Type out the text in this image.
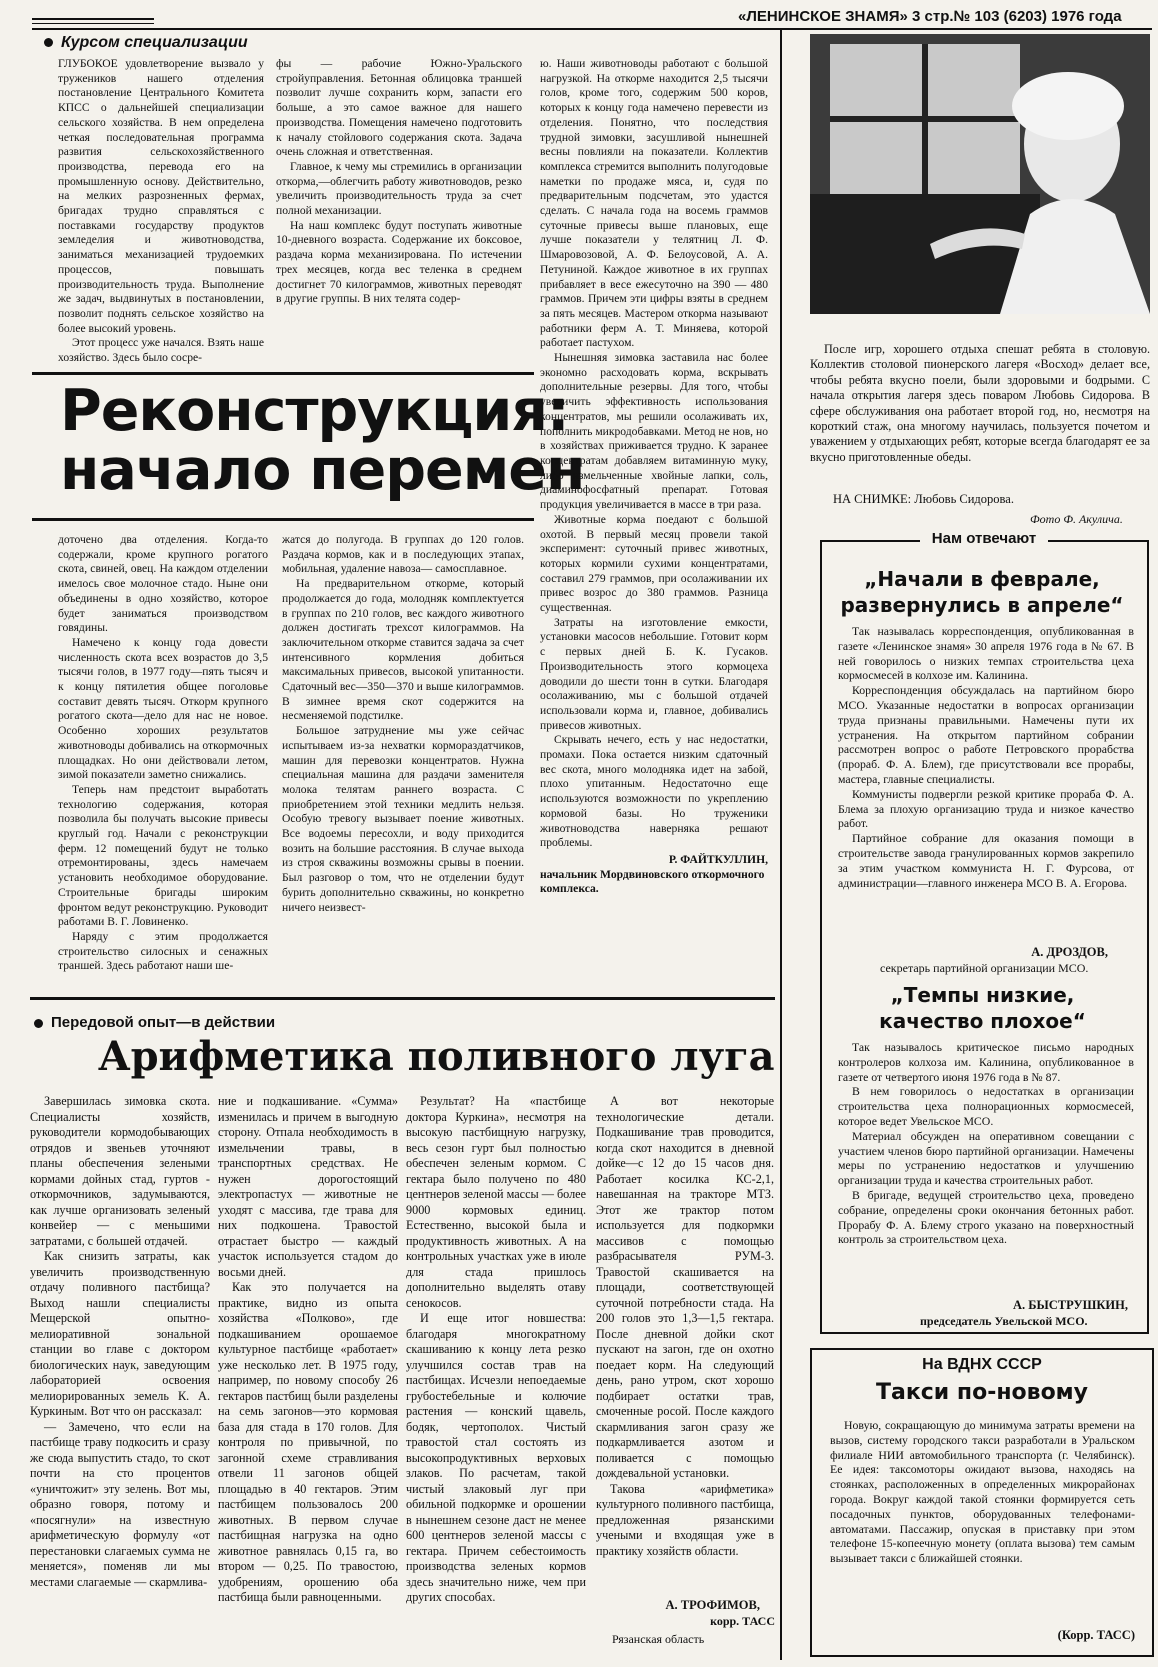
«ЛЕНИНСКОЕ ЗНАМЯ» 3 стр.№ 103 (6203) 1976 года
Курсом специализации

ГЛУБОКОЕ удовлетворение вызвало у тружеников нашего отделения постановление Центрального Комитета КПСС о дальнейшей специализации сельского хозяйства. В нем определена четкая последовательная программа развития сельскохозяйственного производства, перевода его на промышленную основу. Действительно, на мелких разрозненных фермах, бригадах трудно справляться с поставками государству продуктов земледелия и животноводства, заниматься механизацией трудоемких процессов, повышать производительность труда. Выполнение же задач, выдвинутых в постановлении, позволит поднять сельское хозяйство на более высокий уровень.

Этот процесс уже начался. Взять наше хозяйство. Здесь было сосре-

фы — рабочие Южно-Уральского стройуправления. Бетонная облицовка траншей позволит лучше сохранить корм, запасти его больше, а это самое важное для нашего производства. Помещения намечено подготовить к началу стойлового содержания скота. Задача очень сложная и ответственная.

Главное, к чему мы стремились в организации откорма,—облегчить работу животноводов, резко увеличить производительность труда за счет полной механизации.

На наш комплекс будут поступать животные 10-дневного возраста. Содержание их боксовое, раздача корма механизирована. По истечении трех месяцев, когда вес теленка в среднем достигнет 70 килограммов, животных переводят в другие группы. В них телята содер-

Реконструкция:
начало перемен

ю. Наши животноводы работают с большой нагрузкой. На откорме находится 2,5 тысячи голов, кроме того, содержим 500 коров, которых к концу года намечено перевести из отделения. Понятно, что последствия трудной зимовки, засушливой нынешней весны повлияли на показатели. Коллектив комплекса стремится выполнить полугодовые наметки по продаже мяса, и, судя по предварительным подсчетам, это удастся сделать. С начала года на восемь граммов суточные привесы выше плановых, еще лучше показатели у телятниц Л. Ф. Шмаровозовой, А. Ф. Белоусовой, А. А. Петуниной. Каждое животное в их группах прибавляет в весе ежесуточно на 390 — 480 граммов. Причем эти цифры взяты в среднем за пять месяцев. Мастером откорма называют работники ферм А. Т. Миняева, которой работает пастухом.

Нынешняя зимовка заставила нас более экономно расходовать корма, вскрывать дополнительные резервы. Для того, чтобы увеличить эффективность использования концентратов, мы решили осолаживать их, пополнить микродобавками. Метод не нов, но в хозяйствах приживается трудно. К заранее концентратам добавляем витаминную муку, либо измельченные хвойные лапки, соль, диаминофосфатный препарат. Готовая продукция увеличивается в массе в три раза.

Животные корма поедают с большой охотой. В первый месяц провели такой эксперимент: суточный привес животных, которых кормили сухими концентратами, составил 279 граммов, при осолаживании их привес возрос до 380 граммов. Разница существенная.

Затраты на изготовление емкости, установки масосов небольшие. Готовит корм с первых дней Б. К. Гусаков. Производительность этого кормоцеха доводили до шести тонн в сутки. Благодаря осолаживанию, мы с большой отдачей использовали корма и, главное, добивались привесов животных.

Скрывать нечего, есть у нас недостатки, промахи. Пока остается низким сдаточный вес скота, много молодняка идет на забой, плохо упитанным. Недостаточно еще используются возможности по укреплению кормовой базы. Но труженики животноводства наверняка решают проблемы.

Р. ФАЙТКУЛЛИН,
начальник Мордвиновского откормочного комплекса.

доточено два отделения. Когда-то содержали, кроме крупного рогатого скота, свиней, овец. На каждом отделении имелось свое молочное стадо. Ныне они объединены в одно хозяйство, которое будет заниматься производством говядины.

Намечено к концу года довести численность скота всех возрастов до 3,5 тысячи голов, в 1977 году—пять тысяч и к концу пятилетия общее поголовье составит девять тысяч. Откорм крупного рогатого скота—дело для нас не новое. Особенно хороших результатов животноводы добивались на откормочных площадках. Но они действовали летом, зимой показатели заметно снижались.

Теперь нам предстоит выработать технологию содержания, которая позволила бы получать высокие привесы круглый год. Начали с реконструкции ферм. 12 помещений будут не только отремонтированы, здесь намечаем установить необходимое оборудование. Строительные бригады широким фронтом ведут реконструкцию. Руководит работами В. Г. Ловиненко.

Наряду с этим продолжается строительство силосных и сенажных траншей. Здесь работают наши ше-

жатся до полугода. В группах до 120 голов. Раздача кормов, как и в последующих этапах, мобильная, удаление навоза— самосплавное.

На предварительном откорме, который продолжается до года, молодняк комплектуется в группах по 210 голов, вес каждого животного должен достигать трехсот килограммов. На заключительном откорме ставится задача за счет интенсивного кормления добиться максимальных привесов, высокой упитанности. Сдаточный вес—350—370 и выше килограммов. В зимнее время скот содержится на несменяемой подстилке.

Большое затруднение мы уже сейчас испытываем из-за нехватки кормораздатчиков, машин для перевозки концентратов. Нужна специальная машина для раздачи заменителя молока телятам раннего возраста. С приобретением этой техники медлить нельзя. Особую тревогу вызывает поение животных. Все водоемы пересохли, и воду приходится возить на большие расстояния. В случае выхода из строя скважины возможны срывы в поении. Был разговор о том, что не отделении будут бурить дополнительно скважины, но конкретно ничего неизвест-

После игр, хорошего отдыха спешат ребята в столовую. Коллектив столовой пионерского лагеря «Восход» делает все, чтобы ребята вкусно поели, были здоровыми и бодрыми. С начала открытия лагеря здесь поваром Любовь Сидорова. В сфере обслуживания она работает второй год, но, несмотря на короткий стаж, она многому научилась, пользуется почетом и уважением у отдыхающих ребят, которые всегда благодарят ее за вкусно приготовленные обеды.

НА СНИМКЕ: Любовь Сидорова.
Фото Ф. Акулича.
Нам отвечают
„Начали в феврале, развернулись в апреле“

Так называлась корреспонденция, опубликованная в газете «Ленинское знамя» 30 апреля 1976 года в № 67. В ней говорилось о низких темпах строительства цеха кормосмесей в колхозе им. Калинина.

Корреспонденция обсуждалась на партийном бюро МСО. Указанные недостатки в вопросах организации труда признаны правильными. Намечены пути их устранения. На открытом партийном собрании рассмотрен вопрос о работе Петровского прорабства (прораб. Ф. А. Блем), где присутствовали все прорабы, мастера, главные специалисты.

Коммунисты подвергли резкой критике прораба Ф. А. Блема за плохую организацию труда и низкое качество работ.

Партийное собрание для оказания помощи в строительстве завода гранулированных кормов закрепило за этим участком коммуниста Н. Г. Фурсова, от администрации—главного инженера МСО В. А. Егорова.

А. ДРОЗДОВ,
секретарь партийной организации МСО.
„Темпы низкие, качество плохое“

Так называлось критическое письмо народных контролеров колхоза им. Калинина, опубликованное в газете от четвертого июня 1976 года в № 87.

В нем говорилось о недостатках в организации строительства цеха полнорационных кормосмесей, которое ведет Увельское МСО.

Материал обсужден на оперативном совещании с участием членов бюро партийной организации. Намечены меры по устранению недостатков и улучшению организации труда и качества строительных работ.

В бригаде, ведущей строительство цеха, проведено собрание, определены сроки окончания бетонных работ. Прорабу Ф. А. Блему строго указано на поверхностный контроль за строительством цеха.

А. БЫСТРУШКИН,
председатель Увельской МСО.
На ВДНХ СССР
Такси по-новому

Новую, сокращающую до минимума затраты времени на вызов, систему городского такси разработали в Уральском филиале НИИ автомобильного транспорта (г. Челябинск). Ее идея: таксомоторы ожидают вызова, находясь на стоянках, расположенных в определенных микрорайонах города. Вокруг каждой такой стоянки формируется сеть посадочных пунктов, оборудованных телефонами-автоматами. Пассажир, опуская в приставку при этом телефоне 15-копеечную монету (оплата вызова) тем самым вызывает такси с ближайшей стоянки.

(Корр. ТАСС)
Передовой опыт—в действии
Арифметика поливного луга

Завершилась зимовка скота. Специалисты хозяйств, руководители кормодобывающих отрядов и звеньев уточняют планы обеспечения зелеными кормами дойных стад, гуртов - откормочников, задумываются, как лучше организовать зеленый конвейер — с меньшими затратами, с большей отдачей.

Как снизить затраты, как увеличить производственную отдачу поливного пастбища? Выход нашли специалисты Мещерской опытно-мелиоративной зональной станции во главе с доктором биологических наук, заведующим лабораторией освоения мелиорированных земель К. А. Куркиным. Вот что он рассказал:

— Замечено, что если на пастбище траву подкосить и сразу же сюда выпустить стадо, то скот почти на сто процентов «уничтожит» эту зелень. Вот мы, образно говоря, потому и «посягнули» на известную арифметическую формулу «от перестановки слагаемых сумма не меняется», поменяв ли мы местами слагаемые — скармлива-

ние и подкашивание. «Сумма» изменилась и причем в выгодную сторону. Отпала необходимость в измельчении травы, в транспортных средствах. Не нужен дорогостоящий электропастух — животные не уходят с массива, где трава для них подкошена. Травостой отрастает быстро — каждый участок используется стадом до восьми дней.

Как это получается на практике, видно из опыта хозяйства «Полково», где подкашиванием орошаемое культурное пастбище «работает» уже несколько лет. В 1975 году, например, по новому способу 26 гектаров пастбищ были разделены на семь загонов—это кормовая база для стада в 170 голов. Для контроля по привычной, по загонной схеме стравливания отвели 11 загонов общей площадью в 40 гектаров. Этим пастбищем пользовалось 200 животных. В первом случае пастбищная нагрузка на одно животное равнялась 0,15 га, во втором — 0,25. По травостою, удобрениям, орошению оба пастбища были равноценными.

Результат? На «пастбище доктора Куркина», несмотря на высокую пастбищную нагрузку, весь сезон гурт был полностью обеспечен зеленым кормом. С гектара было получено по 480 центнеров зеленой массы — более 9000 кормовых единиц. Естественно, высокой была и продуктивность животных. А на контрольных участках уже в июле для стада пришлось дополнительно выделять отаву сенокосов.

И еще итог новшества: благодаря многократному скашиванию к концу лета резко улучшился состав трав на пастбищах. Исчезли непоедаемые грубостебельные и колючие растения — конский щавель, бодяк, чертополох. Чистый травостой стал состоять из высокопродуктивных верховых злаков. По расчетам, такой чистый злаковый луг при обильной подкормке и орошении в нынешнем сезоне даст не менее 600 центнеров зеленой массы с гектара. Причем себестоимость производства зеленых кормов здесь значительно ниже, чем при других способах.

А вот некоторые технологические детали. Подкашивание трав проводится, когда скот находится в дневной дойке—с 12 до 15 часов дня. Работает косилка КС-2,1, навешанная на тракторе МТЗ. Этот же трактор потом используется для подкормки массивов с помощью разбрасывателя РУМ-3. Травостой скашивается на площади, соответствующей суточной потребности стада. На 200 голов это 1,3—1,5 гектара. После дневной дойки скот пускают на загон, где он охотно поедает корм. На следующий день, рано утром, скот хорошо подбирает остатки трав, смоченные росой. После каждого скармливания загон сразу же подкармливается азотом и поливается с помощью дождевальной установки.

Такова «арифметика» культурного поливного пастбища, предложенная рязанскими учеными и входящая уже в практику хозяйств области.

А. ТРОФИМОВ,
корр. ТАСС
Рязанская область
